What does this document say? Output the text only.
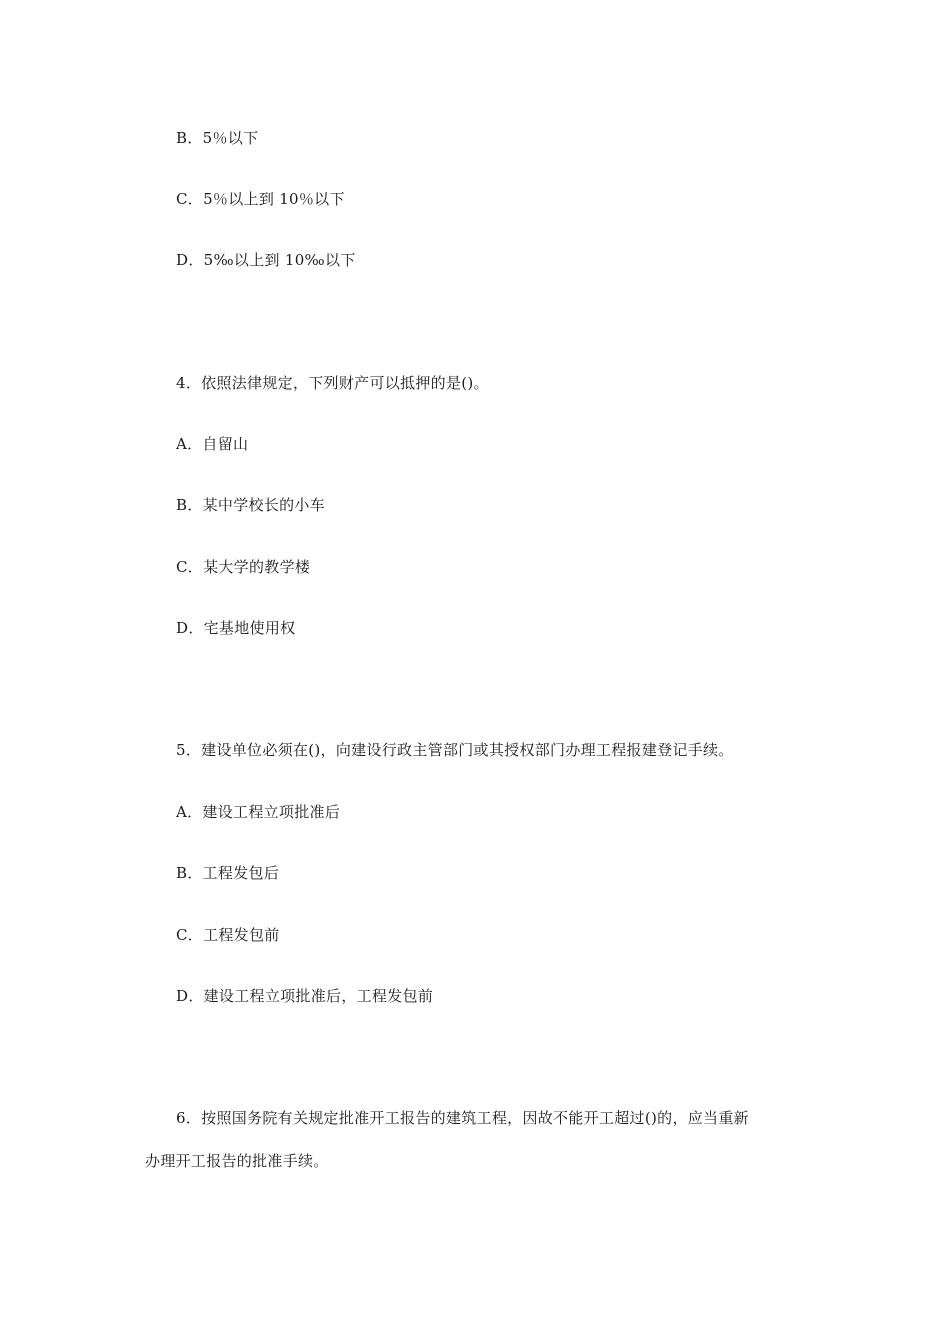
B．5％以下
C．5％以上到 10％以下
D．5‰以上到 10‰以下
4．依照法律规定，下列财产可以抵押的是()。
A．自留山
B．某中学校长的小车
C．某大学的教学楼
D．宅基地使用权
5．建设单位必须在()，向建设行政主管部门或其授权部门办理工程报建登记手续。
A．建设工程立项批准后
B．工程发包后
C．工程发包前
D．建设工程立项批准后，工程发包前
6．按照国务院有关规定批准开工报告的建筑工程，因故不能开工超过()的，应当重新
办理开工报告的批准手续。
